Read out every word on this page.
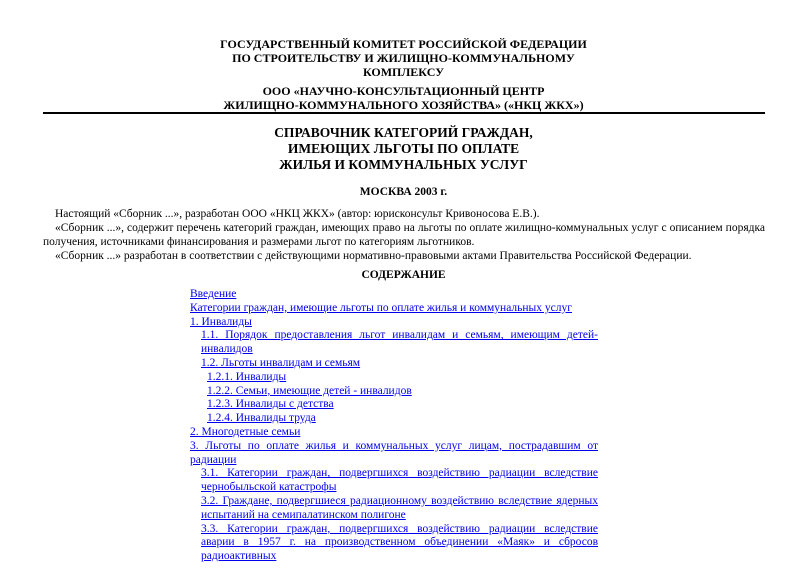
ГОСУДАРСТВЕННЫЙ КОМИТЕТ РОССИЙСКОЙ ФЕДЕРАЦИИ
ПО СТРОИТЕЛЬСТВУ И ЖИЛИЩНО-КОММУНАЛЬНОМУ
КОМПЛЕКСУ
ООО «НАУЧНО-КОНСУЛЬТАЦИОННЫЙ ЦЕНТР
ЖИЛИЩНО-КОММУНАЛЬНОГО ХОЗЯЙСТВА» («НКЦ ЖКХ»)
СПРАВОЧНИК КАТЕГОРИЙ ГРАЖДАН,
ИМЕЮЩИХ ЛЬГОТЫ ПО ОПЛАТЕ
ЖИЛЬЯ И КОММУНАЛЬНЫХ УСЛУГ
МОСКВА 2003 г.

Настоящий «Сборник ...», разработан ООО «НКЦ ЖКХ» (автор: юрисконсульт Кривоносова Е.В.).

«Сборник ...», содержит перечень категорий граждан, имеющих право на льготы по оплате жилищно-коммунальных услуг с описанием порядка получения, источниками финансирования и размерами льгот по категориям льготников.

«Сборник ...» разработан в соответствии с действующими нормативно-правовыми актами Правительства Российской Федерации.

СОДЕРЖАНИЕ
Введение
Категории граждан, имеющие льготы по оплате жилья и коммунальных услуг
1. Инвалиды
1.1. Порядок предоставления льгот инвалидам и семьям, имеющим детей-инвалидов
1.2. Льготы инвалидам и семьям
1.2.1. Инвалиды
1.2.2. Семьи, имеющие детей - инвалидов
1.2.3. Инвалиды с детства
1.2.4. Инвалиды труда
2. Многодетные семьи
3. Льготы по оплате жилья и коммунальных услуг лицам, пострадавшим от радиации
3.1. Категории граждан, подвергшихся воздействию радиации вследствие чернобыльской катастрофы
3.2. Граждане, подвергшиеся радиационному воздействию вследствие ядерных испытаний на семипалатинском полигоне
3.3. Категории граждан, подвергшихся воздействию радиации вследствие аварии в 1957 г. на производственном объединении «Маяк» и сбросов радиоактивных
